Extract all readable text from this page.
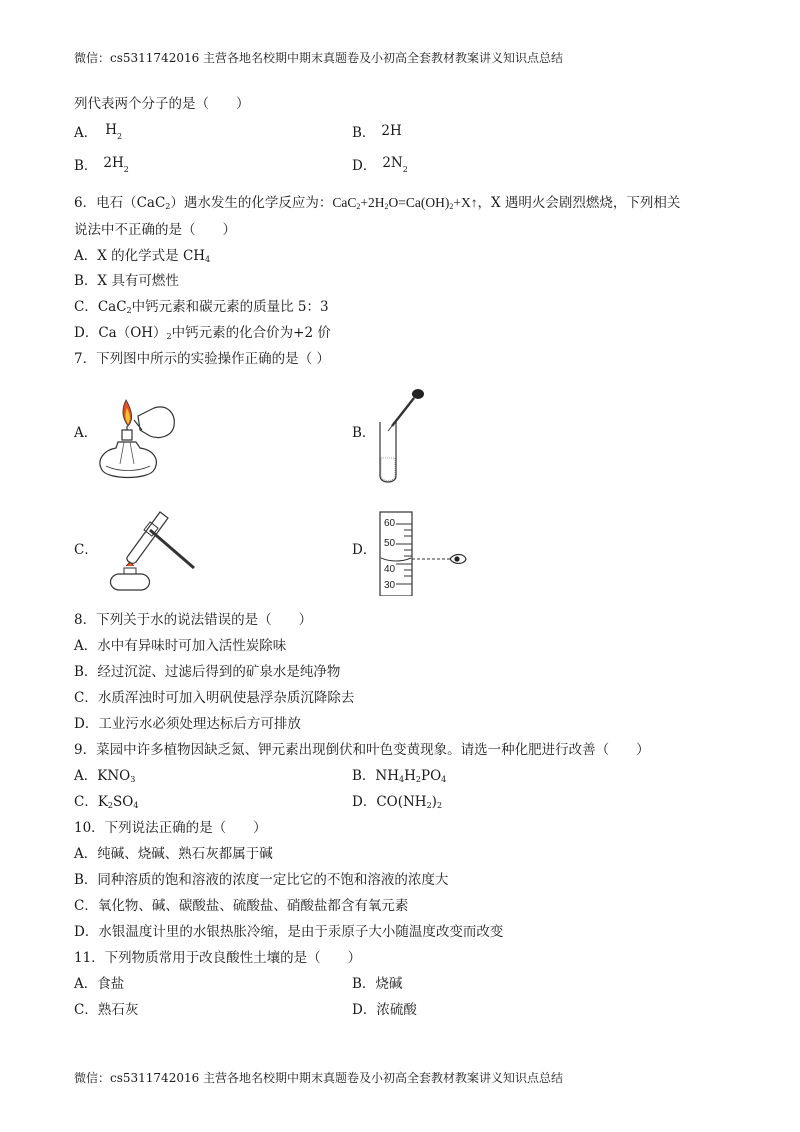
微信：cs5311742016 主营各地名校期中期末真题卷及小初高全套教材教案讲义知识点总结
列代表两个分子的是（　　）
A． $H_2$	B． 2H
B． $2H_2$	D． $2N_2$
6．电石（CaC$_2$）遇水发生的化学反应为：$CaC_2+2H_2O=Ca(OH)_2+X↑$，X 遇明火会剧烈燃烧，下列相关
说法中不正确的是（　　）
A．X 的化学式是 $CH_4$
B．X 具有可燃性
C．CaC$_2$中钙元素和碳元素的质量比 5：3
D．$Ca(OH)_2$中钙元素的化合价为+2 价
7．下列图中所示的实验操作正确的是（ ）
A．	B．
C．	D．
60
50
40
30
8．下列关于水的说法错误的是（　　）
A．水中有异味时可加入活性炭除味
B．经过沉淀、过滤后得到的矿泉水是纯净物
C．水质浑浊时可加入明矾使悬浮杂质沉降除去
D．工业污水必须处理达标后方可排放
9．菜园中许多植物因缺乏氮、钾元素出现倒伏和叶色变黄现象。请选一种化肥进行改善（　　）
A．$KNO_3$	B．$NH_4H_2PO_4$
C．$K_2SO_4$	D．$CO(NH_2)_2$
10．下列说法正确的是（　　）
A．纯碱、烧碱、熟石灰都属于碱
B．同种溶质的饱和溶液的浓度一定比它的不饱和溶液的浓度大
C．氧化物、碱、碳酸盐、硫酸盐、硝酸盐都含有氧元素
D．水银温度计里的水银热胀冷缩，是由于汞原子大小随温度改变而改变
11．下列物质常用于改良酸性土壤的是（　　）
A．食盐	B．烧碱
C．熟石灰	D．浓硫酸
微信：cs5311742016 主营各地名校期中期末真题卷及小初高全套教材教案讲义知识点总结
